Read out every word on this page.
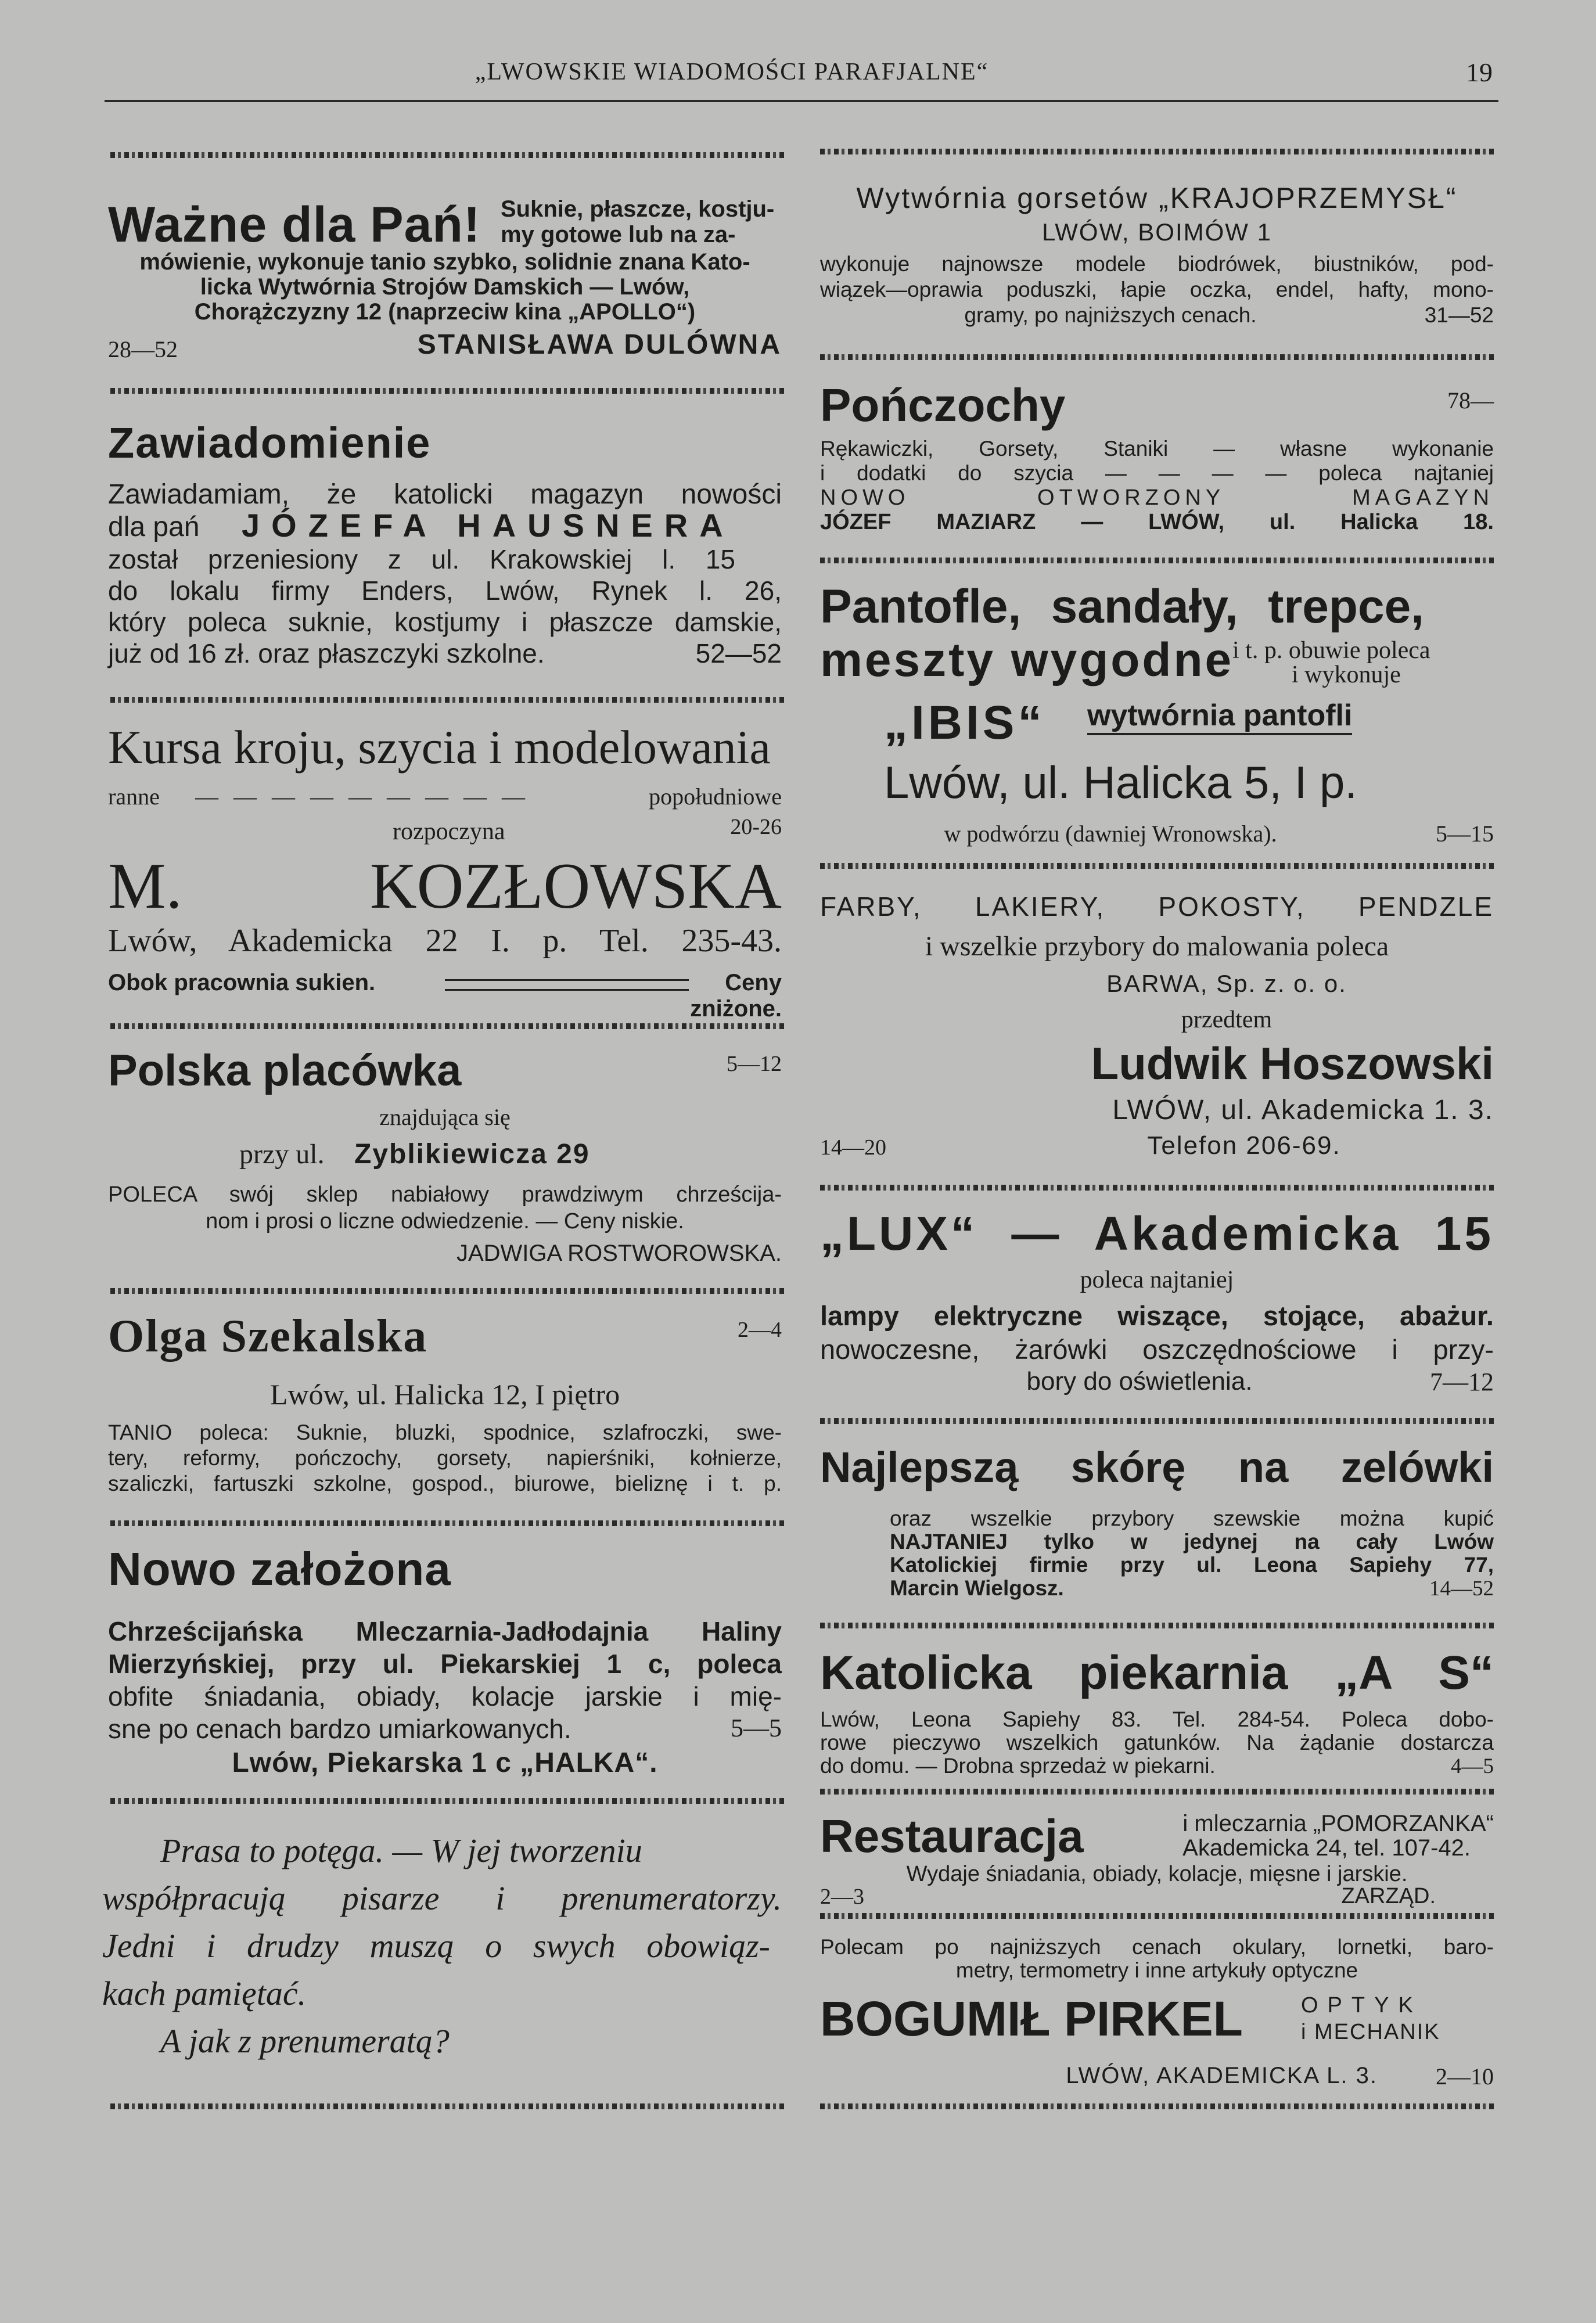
„LWOWSKIE WIADOMOŚCI PARAFJALNE“	19
Ważne dla Pań! Suknie, płaszcze, kostju-
my gotowe lub na za-
mówienie, wykonuje tanio szybko, solidnie znana Kato-
licka Wytwórnia Strojów Damskich — Lwów,
Chorążczyzny 12 (naprzeciw kina „APOLLO“)
28—52	STANISŁAWA DULÓWNA
Zawiadomienie
Zawiadamiam, że katolicki magazyn nowości
dla pań JÓZEFA HAUSNERA
został przeniesiony z ul. Krakowskiej l. 15
do lokalu firmy Enders, Lwów, Rynek l. 26,
który poleca suknie, kostjumy i płaszcze damskie,
już od 16 zł. oraz płaszczyki szkolne.	52—52
Kursa kroju, szycia i modelowania
ranne — — — — — — — — —	popołudniowe
rozpoczyna	20-26
M. KOZŁOWSKA
Lwów, Akademicka 22 I. p. Tel. 235-43.
Obok pracownia sukien.	Ceny zniżone.
Polska placówka	5—12
znajdująca się
przy ul. Zyblikiewicza 29
POLECA swój sklep nabiałowy prawdziwym chrześcija-
nom i prosi o liczne odwiedzenie. — Ceny niskie.
JADWIGA ROSTWOROWSKA.
Olga Szekalska	2—4
Lwów, ul. Halicka 12, I piętro
TANIO poleca: Suknie, bluzki, spodnice, szlafroczki, swe-
tery, reformy, pończochy, gorsety, napierśniki, kołnierze,
szaliczki, fartuszki szkolne, gospod., biurowe, bieliznę i t. p.
Nowo założona
Chrześcijańska Mleczarnia-Jadłodajnia Haliny
Mierzyńskiej, przy ul. Piekarskiej 1 c, poleca
obfite śniadania, obiady, kolacje jarskie i mię-
sne po cenach bardzo umiarkowanych.	5—5
Lwów, Piekarska 1 c „HALKA“.
Prasa to potęga. — W jej tworzeniu
współpracują pisarze i prenumeratorzy.
Jedni i drudzy muszą o swych obowiąz-
kach pamiętać.
A jak z prenumeratą?
Wytwórnia gorsetów „KRAJOPRZEMYSŁ“
LWÓW, BOIMÓW 1
wykonuje najnowsze modele biodrówek, biustników, pod-
wiązek—oprawia poduszki, łapie oczka, endel, hafty, mono-
gramy, po najniższych cenach.	31—52
Pończochy	78—
Rękawiczki, Gorsety, Staniki — własne wykonanie
i dodatki do szycia — — — — poleca najtaniej
NOWO OTWORZONY MAGAZYN
JÓZEF MAZIARZ — LWÓW, ul. Halicka 18.
Pantofle, sandały, trepce,
meszty wygodne
i t. p. obuwie poleca
i wykonuje
„IBIS“ wytwórnia pantofli
Lwów, ul. Halicka 5, I p.
w podwórzu (dawniej Wronowska).	5—15
FARBY, LAKIERY, POKOSTY, PENDZLE
i wszelkie przybory do malowania poleca
BARWA, Sp. z. o. o.
przedtem
Ludwik Hoszowski
LWÓW, ul. Akademicka 1. 3.
14—20	Telefon 206-69.
„LUX“ — Akademicka 15
poleca najtaniej
lampy elektryczne wiszące, stojące, abażur.
nowoczesne, żarówki oszczędnościowe i przy-
bory do oświetlenia.	7—12
Najlepszą skórę na zelówki
oraz wszelkie przybory szewskie można kupić
NAJTANIEJ tylko w jedynej na cały Lwów
Katolickiej firmie przy ul. Leona Sapiehy 77,
Marcin Wielgosz.	14—52
Katolicka piekarnia „A S“
Lwów, Leona Sapiehy 83. Tel. 284-54. Poleca dobo-
rowe pieczywo wszelkich gatunków. Na żądanie dostarcza
do domu. — Drobna sprzedaż w piekarni.	4—5
Restauracja	i mleczarnia „POMORZANKA“
Akademicka 24, tel. 107-42.
Wydaje śniadania, obiady, kolacje, mięsne i jarskie.
2—3	ZARZĄD.
Polecam po najniższych cenach okulary, lornetki, baro-
metry, termometry i inne artykuły optyczne
BOGUMIŁ PIRKEL	OPTYK
i MECHANIK
LWÓW, AKADEMICKA L. 3.	2—10
